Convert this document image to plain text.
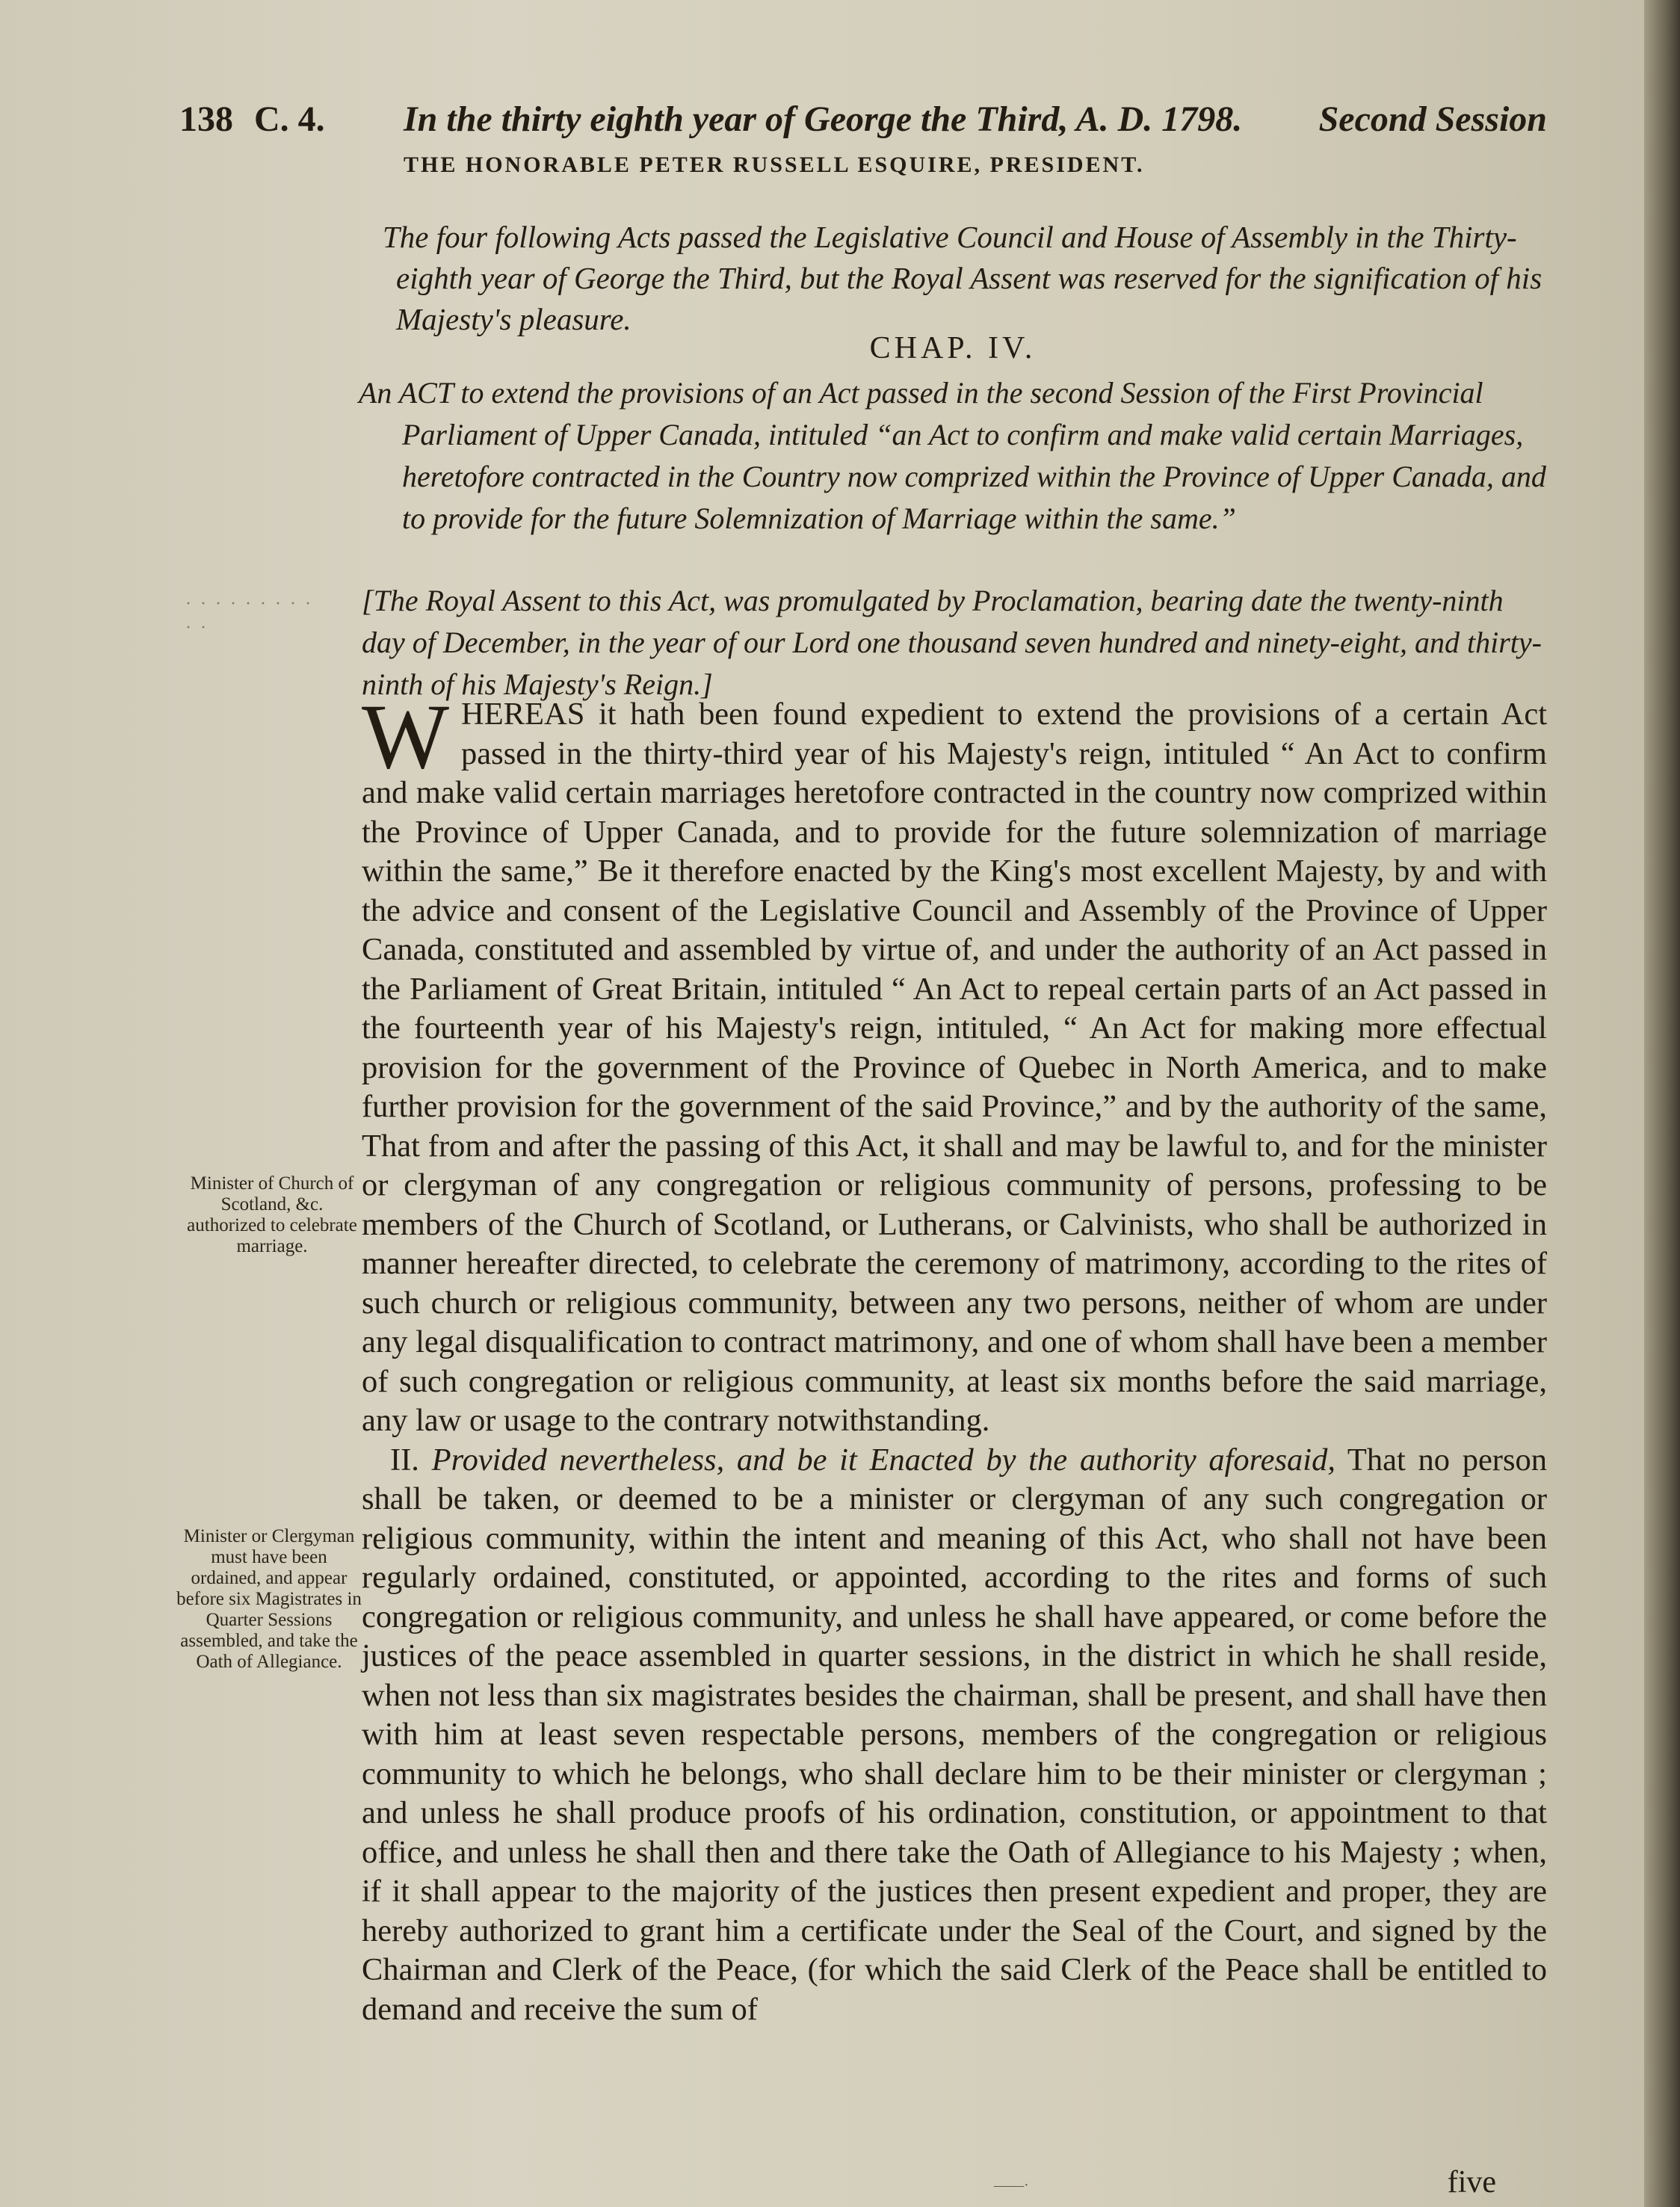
138 C. 4. In the thirty eighth year of George the Third, A. D. 1798. Second Session
THE HONORABLE PETER RUSSELL ESQUIRE, PRESIDENT.

The four following Acts passed the Legislative Council and House of Assembly in the Thirty-eighth year of George the Third, but the Royal Assent was reserved for the signification of his Majesty's pleasure.

CHAP. IV.

An ACT to extend the provisions of an Act passed in the second Session of the First Provincial Parliament of Upper Canada, intituled “an Act to confirm and make valid certain Marriages, heretofore contracted in the Country now comprized within the Province of Upper Canada, and to provide for the future Solemnization of Marriage within the same.”

· · · · · · · · · · ·

[The Royal Assent to this Act, was promulgated by Proclamation, bearing date the twenty-ninth day of December, in the year of our Lord one thousand seven hundred and ninety-eight, and thirty-ninth of his Majesty's Reign.]

WHEREAS it hath been found expedient to extend the provisions of a certain Act passed in the thirty-third year of his Majesty's reign, intituled “ An Act to confirm and make valid certain marriages heretofore contracted in the country now comprized within the Province of Upper Canada, and to provide for the future solemnization of marriage within the same,” Be it therefore enacted by the King's most excellent Majesty, by and with the advice and consent of the Legislative Council and Assembly of the Province of Upper Canada, constituted and assembled by virtue of, and under the authority of an Act passed in the Parliament of Great Britain, intituled “ An Act to repeal certain parts of an Act passed in the fourteenth year of his Majesty's reign, intituled, “ An Act for making more effectual provision for the government of the Province of Quebec in North America, and to make further provision for the government of the said Province,” and by the authority of the same, That from and after the passing of this Act, it shall and may be lawful to, and for the minister or clergyman of any congregation or religious community of persons, professing to be members of the Church of Scotland, or Lutherans, or Calvinists, who shall be authorized in manner hereafter directed, to celebrate the ceremony of matrimony, according to the rites of such church or religious community, between any two persons, neither of whom are under any legal disqualification to contract matrimony, and one of whom shall have been a member of such congregation or religious community, at least six months before the said marriage, any law or usage to the contrary notwithstanding.

II. Provided nevertheless, and be it Enacted by the authority aforesaid, That no person shall be taken, or deemed to be a minister or clergyman of any such congregation or religious community, within the intent and meaning of this Act, who shall not have been regularly ordained, constituted, or appointed, according to the rites and forms of such congregation or religious community, and unless he shall have appeared, or come before the justices of the peace assembled in quarter sessions, in the district in which he shall reside, when not less than six magistrates besides the chairman, shall be present, and shall have then with him at least seven respectable persons, members of the congregation or religious community to which he belongs, who shall declare him to be their minister or clergyman ; and unless he shall produce proofs of his ordination, constitution, or appointment to that office, and unless he shall then and there take the Oath of Allegiance to his Majesty ; when, if it shall appear to the majority of the justices then present expedient and proper, they are hereby authorized to grant him a certificate under the Seal of the Court, and signed by the Chairman and Clerk of the Peace, (for which the said Clerk of the Peace shall be entitled to demand and receive the sum of

Minister of Church of Scotland, &c. authorized to celebrate marriage.
Minister or Clergyman must have been ordained, and appear before six Magistrates in Quarter Sessions assembled, and take the Oath of Allegiance.
five
——·
